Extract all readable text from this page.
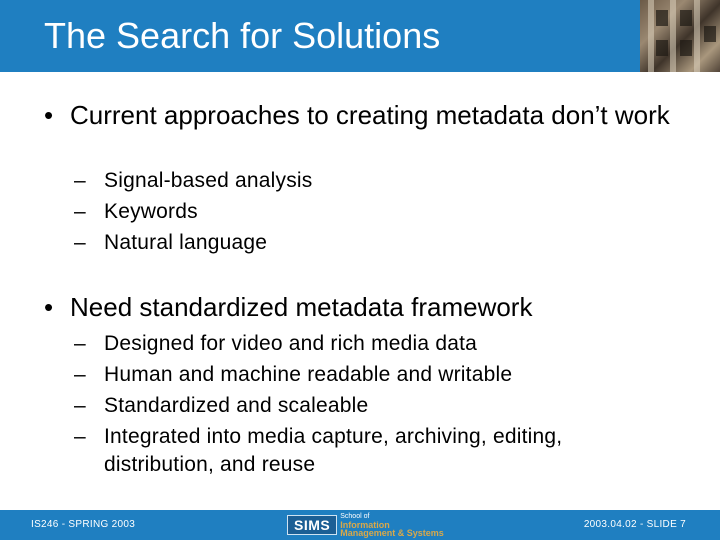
The Search for Solutions
• Current approaches to creating metadata don’t work
– Signal-based analysis
– Keywords
– Natural language
• Need standardized metadata framework
– Designed for video and rich media data
– Human and machine readable and writable
– Standardized and scaleable
– Integrated into media capture, archiving, editing,
distribution, and reuse
IS246 - SPRING 2003	SIMS
School of
Information
Management & Systems
2003.04.02 - SLIDE 7
